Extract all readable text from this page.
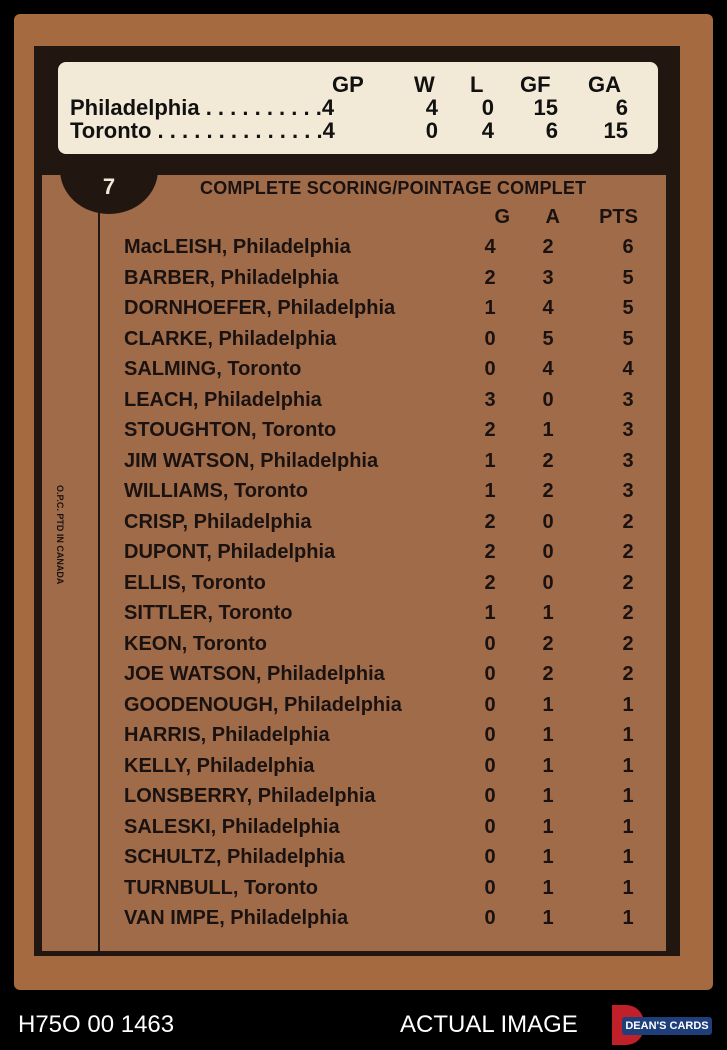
GP W L GF GA
Philadelphia . . . . . . . . . .4	4	0	15	6
Toronto . . . . . . . . . . . . . .4	0	4	6	15
7	COMPLETE SCORING/POINTAGE COMPLET
G	A	PTS
MacLEISH, Philadelphia	4	2	6
BARBER, Philadelphia	2	3	5
DORNHOEFER, Philadelphia	1	4	5
CLARKE, Philadelphia	0	5	5
SALMING, Toronto	0	4	4
LEACH, Philadelphia	3	0	3
STOUGHTON, Toronto	2	1	3
JIM WATSON, Philadelphia	1	2	3
WILLIAMS, Toronto	1	2	3
CRISP, Philadelphia	2	0	2
DUPONT, Philadelphia	2	0	2
ELLIS, Toronto	2	0	2
SITTLER, Toronto	1	1	2
KEON, Toronto	0	2	2
JOE WATSON, Philadelphia	0	2	2
GOODENOUGH, Philadelphia	0	1	1
HARRIS, Philadelphia	0	1	1
KELLY, Philadelphia	0	1	1
LONSBERRY, Philadelphia	0	1	1
SALESKI, Philadelphia	0	1	1
SCHULTZ, Philadelphia	0	1	1
TURNBULL, Toronto	0	1	1
VAN IMPE, Philadelphia	0	1	1
O.P.C. PTD IN CANADA
H75O 00 1463	ACTUAL IMAGE	DEAN'S CARDS
